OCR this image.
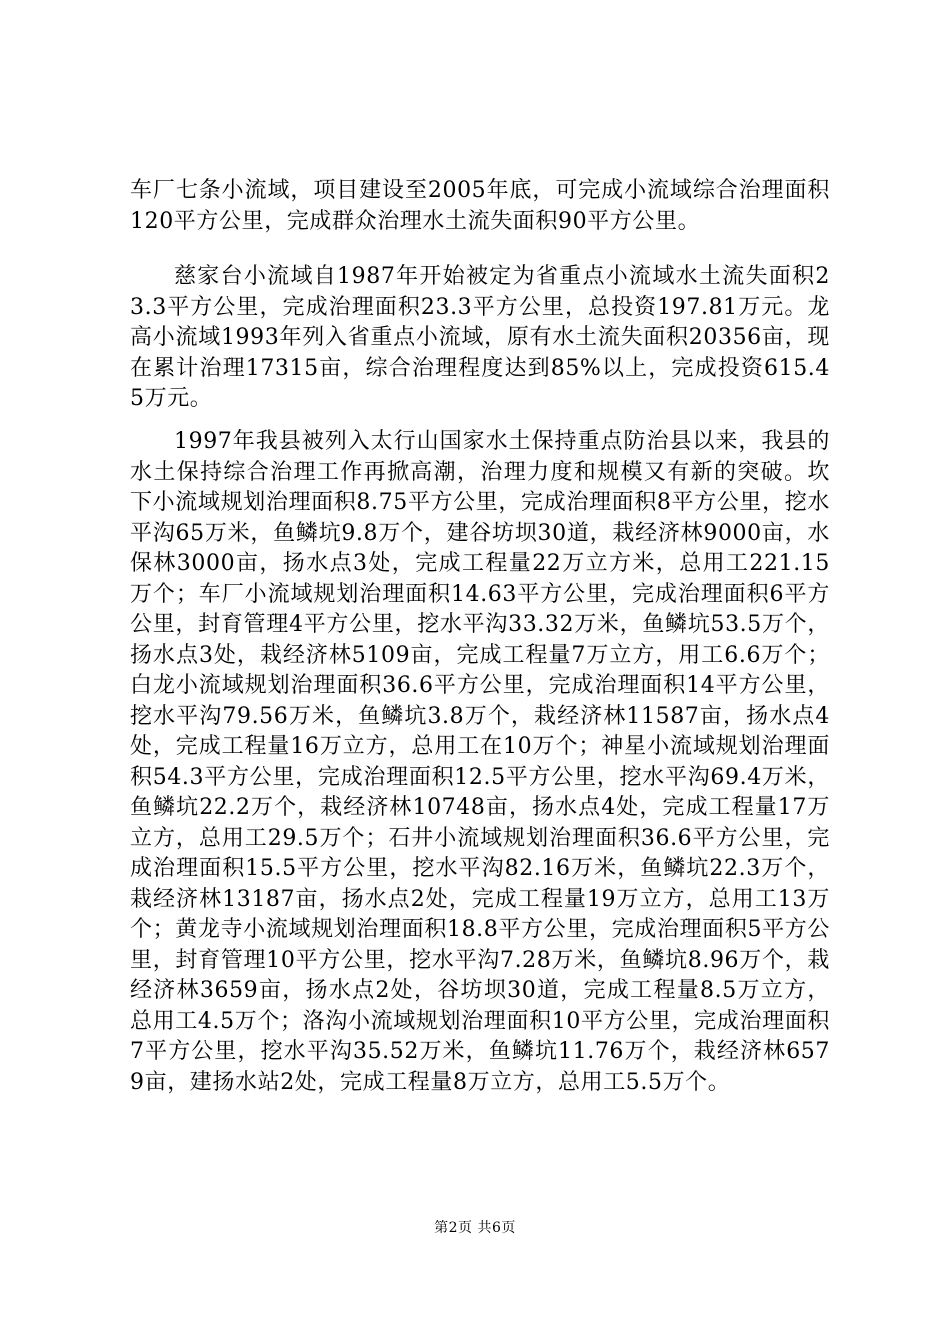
车厂七条小流域，项目建设至2005年底，可完成小流域综合治理面积120平方公里，完成群众治理水土流失面积90平方公里。

慈家台小流域自1987年开始被定为省重点小流域水土流失面积23.3平方公里，完成治理面积23.3平方公里，总投资197.81万元。龙高小流域1993年列入省重点小流域，原有水土流失面积20356亩，现在累计治理17315亩，综合治理程度达到85%以上，完成投资615.45万元。

1997年我县被列入太行山国家水土保持重点防治县以来，我县的水土保持综合治理工作再掀高潮，治理力度和规模又有新的突破。坎下小流域规划治理面积8.75平方公里，完成治理面积8平方公里，挖水平沟65万米，鱼鳞坑9.8万个，建谷坊坝30道，栽经济林9000亩，水保林3000亩，扬水点3处，完成工程量22万立方米，总用工221.15万个；车厂小流域规划治理面积14.63平方公里，完成治理面积6平方公里，封育管理4平方公里，挖水平沟33.32万米，鱼鳞坑53.5万个，扬水点3处，栽经济林5109亩，完成工程量7万立方，用工6.6万个；白龙小流域规划治理面积36.6平方公里，完成治理面积14平方公里，挖水平沟79.56万米，鱼鳞坑3.8万个，栽经济林11587亩，扬水点4处，完成工程量16万立方，总用工在10万个；神星小流域规划治理面积54.3平方公里，完成治理面积12.5平方公里，挖水平沟69.4万米，鱼鳞坑22.2万个，栽经济林10748亩，扬水点4处，完成工程量17万立方，总用工29.5万个；石井小流域规划治理面积36.6平方公里，完成治理面积15.5平方公里，挖水平沟82.16万米，鱼鳞坑22.3万个，栽经济林13187亩，扬水点2处，完成工程量19万立方，总用工13万个；黄龙寺小流域规划治理面积18.8平方公里，完成治理面积5平方公里，封育管理10平方公里，挖水平沟7.28万米，鱼鳞坑8.96万个，栽经济林3659亩，扬水点2处，谷坊坝30道，完成工程量8.5万立方，总用工4.5万个；洛沟小流域规划治理面积10平方公里，完成治理面积7平方公里，挖水平沟35.52万米，鱼鳞坑11.76万个，栽经济林6579亩，建扬水站2处，完成工程量8万立方，总用工5.5万个。

第2页 共6页
